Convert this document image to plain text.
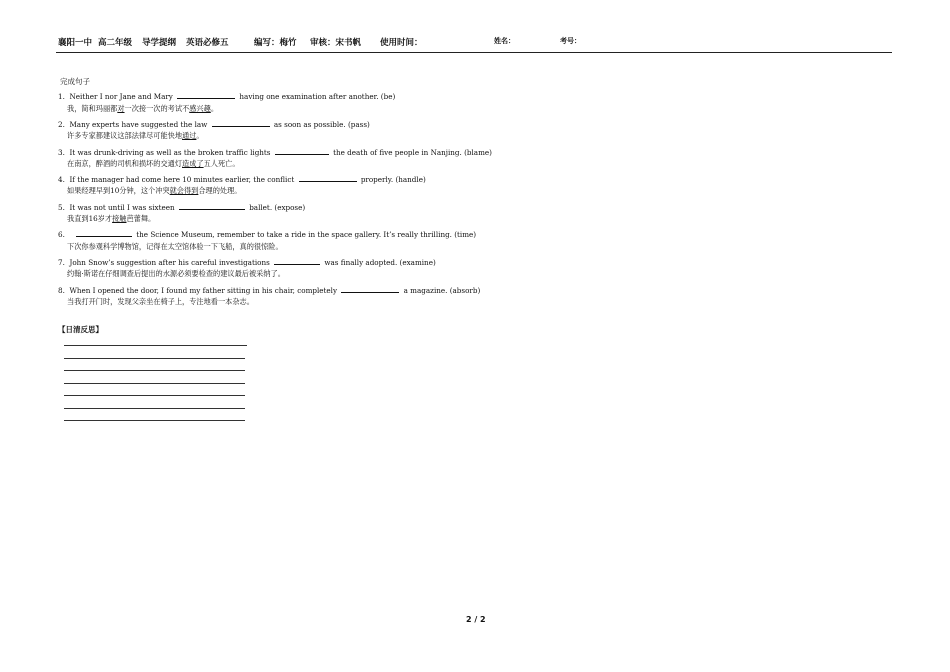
襄阳一中 高二年级 导学提纲 英语必修五	编写：梅竹 审核：宋书帆 使用时间：	姓名：	考号：
完成句子
1. Neither I nor Jane and Mary	having one examination after another. (be)
我，简和玛丽都对一次接一次的考试不感兴趣。
2. Many experts have suggested the law	as soon as possible. (pass)
许多专家都建议这部法律尽可能快地通过。
3. It was drunk-driving as well as the broken traffic lights	the death of five people in Nanjing. (blame)
在南京，醉酒的司机和损坏的交通灯造成了五人死亡。
4. If the manager had come here 10 minutes earlier, the conflict	properly. (handle)
如果经理早到10分钟，这个冲突就会得到合理的处理。
5. It was not until I was sixteen	ballet. (expose)
我直到16岁才接触芭蕾舞。
6.	the Science Museum, remember to take a ride in the space gallery. It’s really thrilling. (time)
下次你参观科学博物馆，记得在太空馆体验一下飞船，真的很惊险。
7. John Snow’s suggestion after his careful investigations	was finally adopted. (examine)
约翰·斯诺在仔细调查后提出的水源必须要检查的建议最后被采纳了。
8. When I opened the door, I found my father sitting in his chair, completely	a magazine. (absorb)
当我打开门时，发现父亲坐在椅子上，专注地看一本杂志。
【日清反思】
2 / 2
